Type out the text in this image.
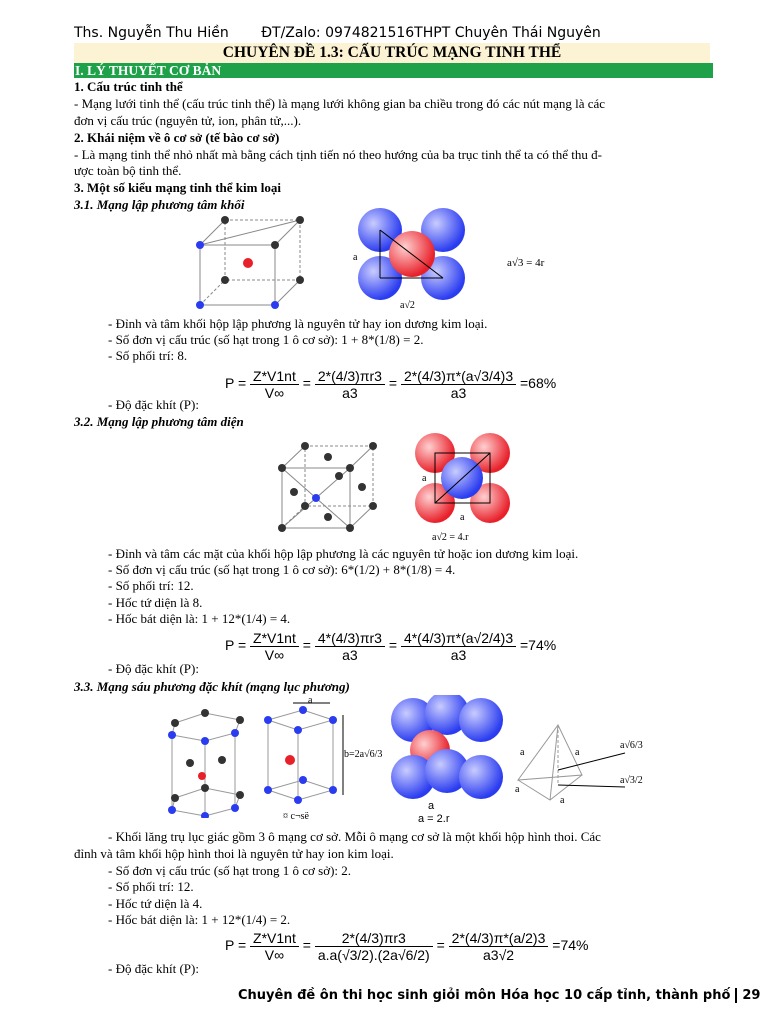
Ths. Nguyễn Thu Hiền ĐT/Zalo: 0974821516THPT Chuyên Thái Nguyên
CHUYÊN ĐỀ 1.3: CẤU TRÚC MẠNG TINH THỂ
I. LÝ THUYẾT CƠ BẢN
1. Cấu trúc tinh thể
- Mạng lưới tinh thể (cấu trúc tinh thể) là mạng lưới không gian ba chiều trong đó các nút mạng là các
đơn vị cấu trúc (nguyên tử, ion, phân tử,...).
2. Khái niệm về ô cơ sở (tế bào cơ sở)
- Là mạng tinh thể nhỏ nhất mà bằng cách tịnh tiến nó theo hướng của ba trục tinh thể ta có thể thu đ-
ược toàn bộ tinh thể.
3. Một số kiểu mạng tinh thể kim loại
3.1. Mạng lập phương tâm khối
a
a√2
a√3 = 4r
- Đỉnh và tâm khối hộp lập phương là nguyên tử hay ion dương kim loại.
- Số đơn vị cấu trúc (số hạt trong 1 ô cơ sở): 1 + 8*(1/8) = 2.
- Số phối trí: 8.
$P = \frac{Z*V1nt}{V\infty} = \frac{2*(4/3)\pi r3}{a3} = \frac{2*(4/3)\pi*(a√3/4)3}{a3} =68\%$
- Độ đặc khít (P):
3.2. Mạng lập phương tâm diện
a
a
a√2 = 4.r
- Đỉnh và tâm các mặt của khối hộp lập phương là các nguyên tử hoặc ion dương kim loại.
- Số đơn vị cấu trúc (số hạt trong 1 ô cơ sở): 6*(1/2) + 8*(1/8) = 4.
- Số phối trí: 12.
- Hốc tứ diện là 8.
- Hốc bát diện là: 1 + 12*(1/4) = 4.
$P = \frac{Z*V1nt}{V\infty} = \frac{4*(4/3)\pi r3}{a3} = \frac{4*(4/3)\pi*(a√2/4)3}{a3} =74\%$
- Độ đặc khít (P):
3.3. Mạng sáu phương đặc khít (mạng lục phương)
a
b=2a√6/3
¤ c¬së
a
a = 2.r
a	a
a
a
a√6/3
a√3/2
- Khối lăng trụ lục giác gồm 3 ô mạng cơ sở. Mỗi ô mạng cơ sở là một khối hộp hình thoi. Các
đỉnh và tâm khối hộp hình thoi là nguyên tử hay ion kim loại.
- Số đơn vị cấu trúc (số hạt trong 1 ô cơ sở): 2.
- Số phối trí: 12.
- Hốc tứ diện là 4.
- Hốc bát diện là: 1 + 12*(1/4) = 2.
$P = \frac{Z*V1nt}{V\infty} = \frac{2*(4/3)\pi r3}{a.a(√3/2).(2a√6/2)} = \frac{2*(4/3)\pi*(a/2)3}{a3√2} =74\%$
- Độ đặc khít (P):
Chuyên đề ôn thi học sinh giỏi môn Hóa học 10 cấp tỉnh, thành phố 29
